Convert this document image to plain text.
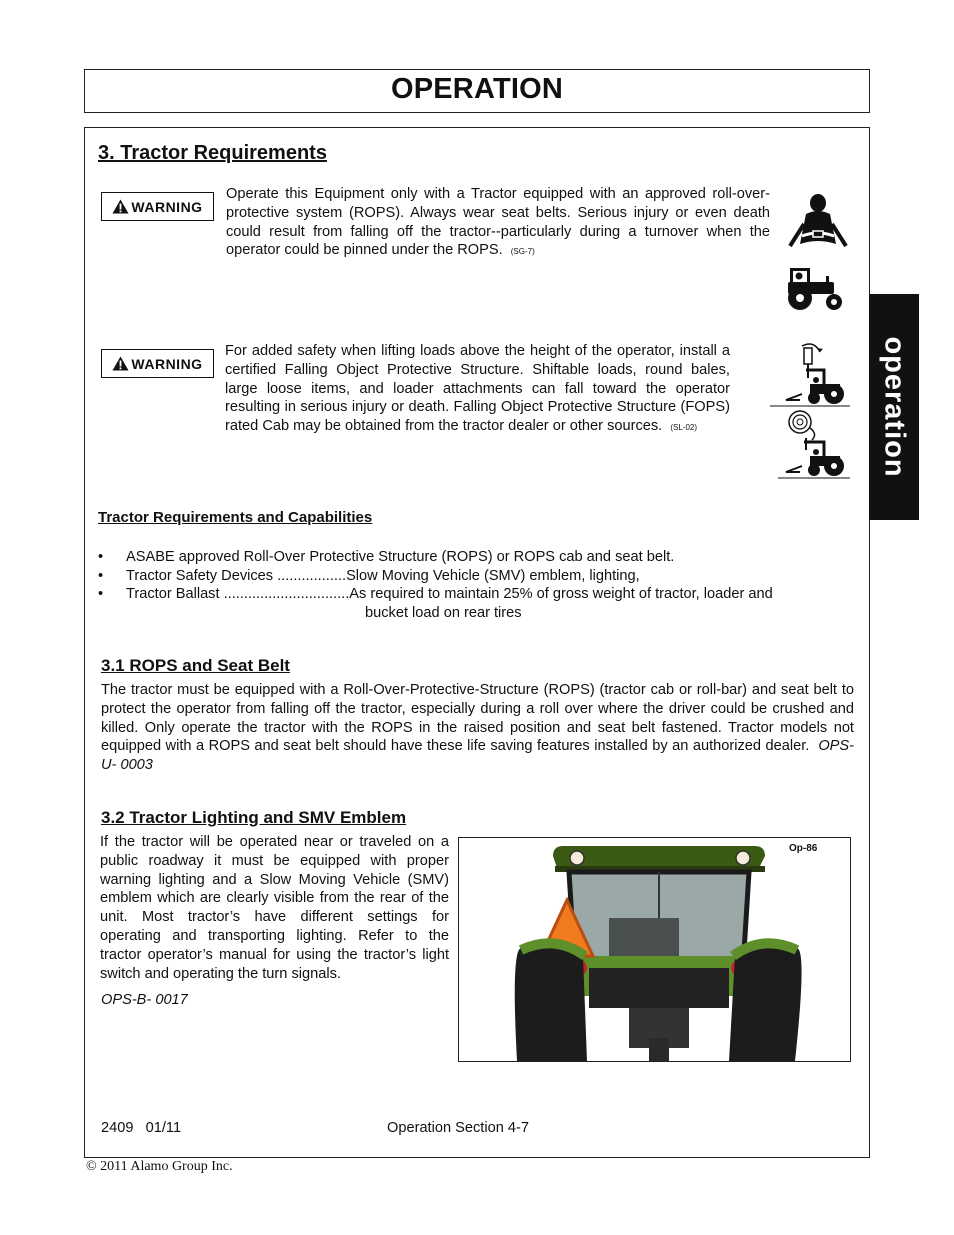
OPERATION
operation
3. Tractor Requirements
WARNING
Operate this Equipment only with a Tractor equipped with an approved roll-over-protective system (ROPS). Always wear seat belts. Serious injury or even death could result from falling off the tractor--particularly during a turnover when the operator could be pinned under the ROPS. (SG-7)
WARNING
For added safety when lifting loads above the height of the operator, install a certified Falling Object Protective Structure. Shiftable loads, round bales, large loose items, and loader attachments can fall toward the operator resulting in serious injury or death. Falling Object Protective Structure (FOPS) rated Cab may be obtained from the tractor dealer or other sources. (SL-02)
Tractor Requirements and Capabilities
• ASABE approved Roll-Over Protective Structure (ROPS) or ROPS cab and seat belt.
• Tractor Safety Devices .................Slow Moving Vehicle (SMV) emblem, lighting,
• Tractor Ballast ...............................As required to maintain 25% of gross weight of tractor, loader and
bucket load on rear tires
3.1 ROPS and Seat Belt
The tractor must be equipped with a Roll-Over-Protective-Structure (ROPS) (tractor cab or roll-bar) and seat belt to protect the operator from falling off the tractor, especially during a roll over where the driver could be crushed and killed. Only operate the tractor with the ROPS in the raised position and seat belt fastened. Tractor models not equipped with a ROPS and seat belt should have these life saving features installed by an authorized dealer. OPS-U- 0003
3.2 Tractor Lighting and SMV Emblem
If the tractor will be operated near or traveled on a public roadway it must be equipped with proper warning lighting and a Slow Moving Vehicle (SMV) emblem which are clearly visible from the rear of the unit. Most tractor’s have different settings for operating and transporting lighting. Refer to the tractor operator’s manual for using the tractor’s light switch and operating the turn signals.
OPS-B- 0017
Op-86
2409   01/11	Operation Section 4-7
© 2011 Alamo Group Inc.
